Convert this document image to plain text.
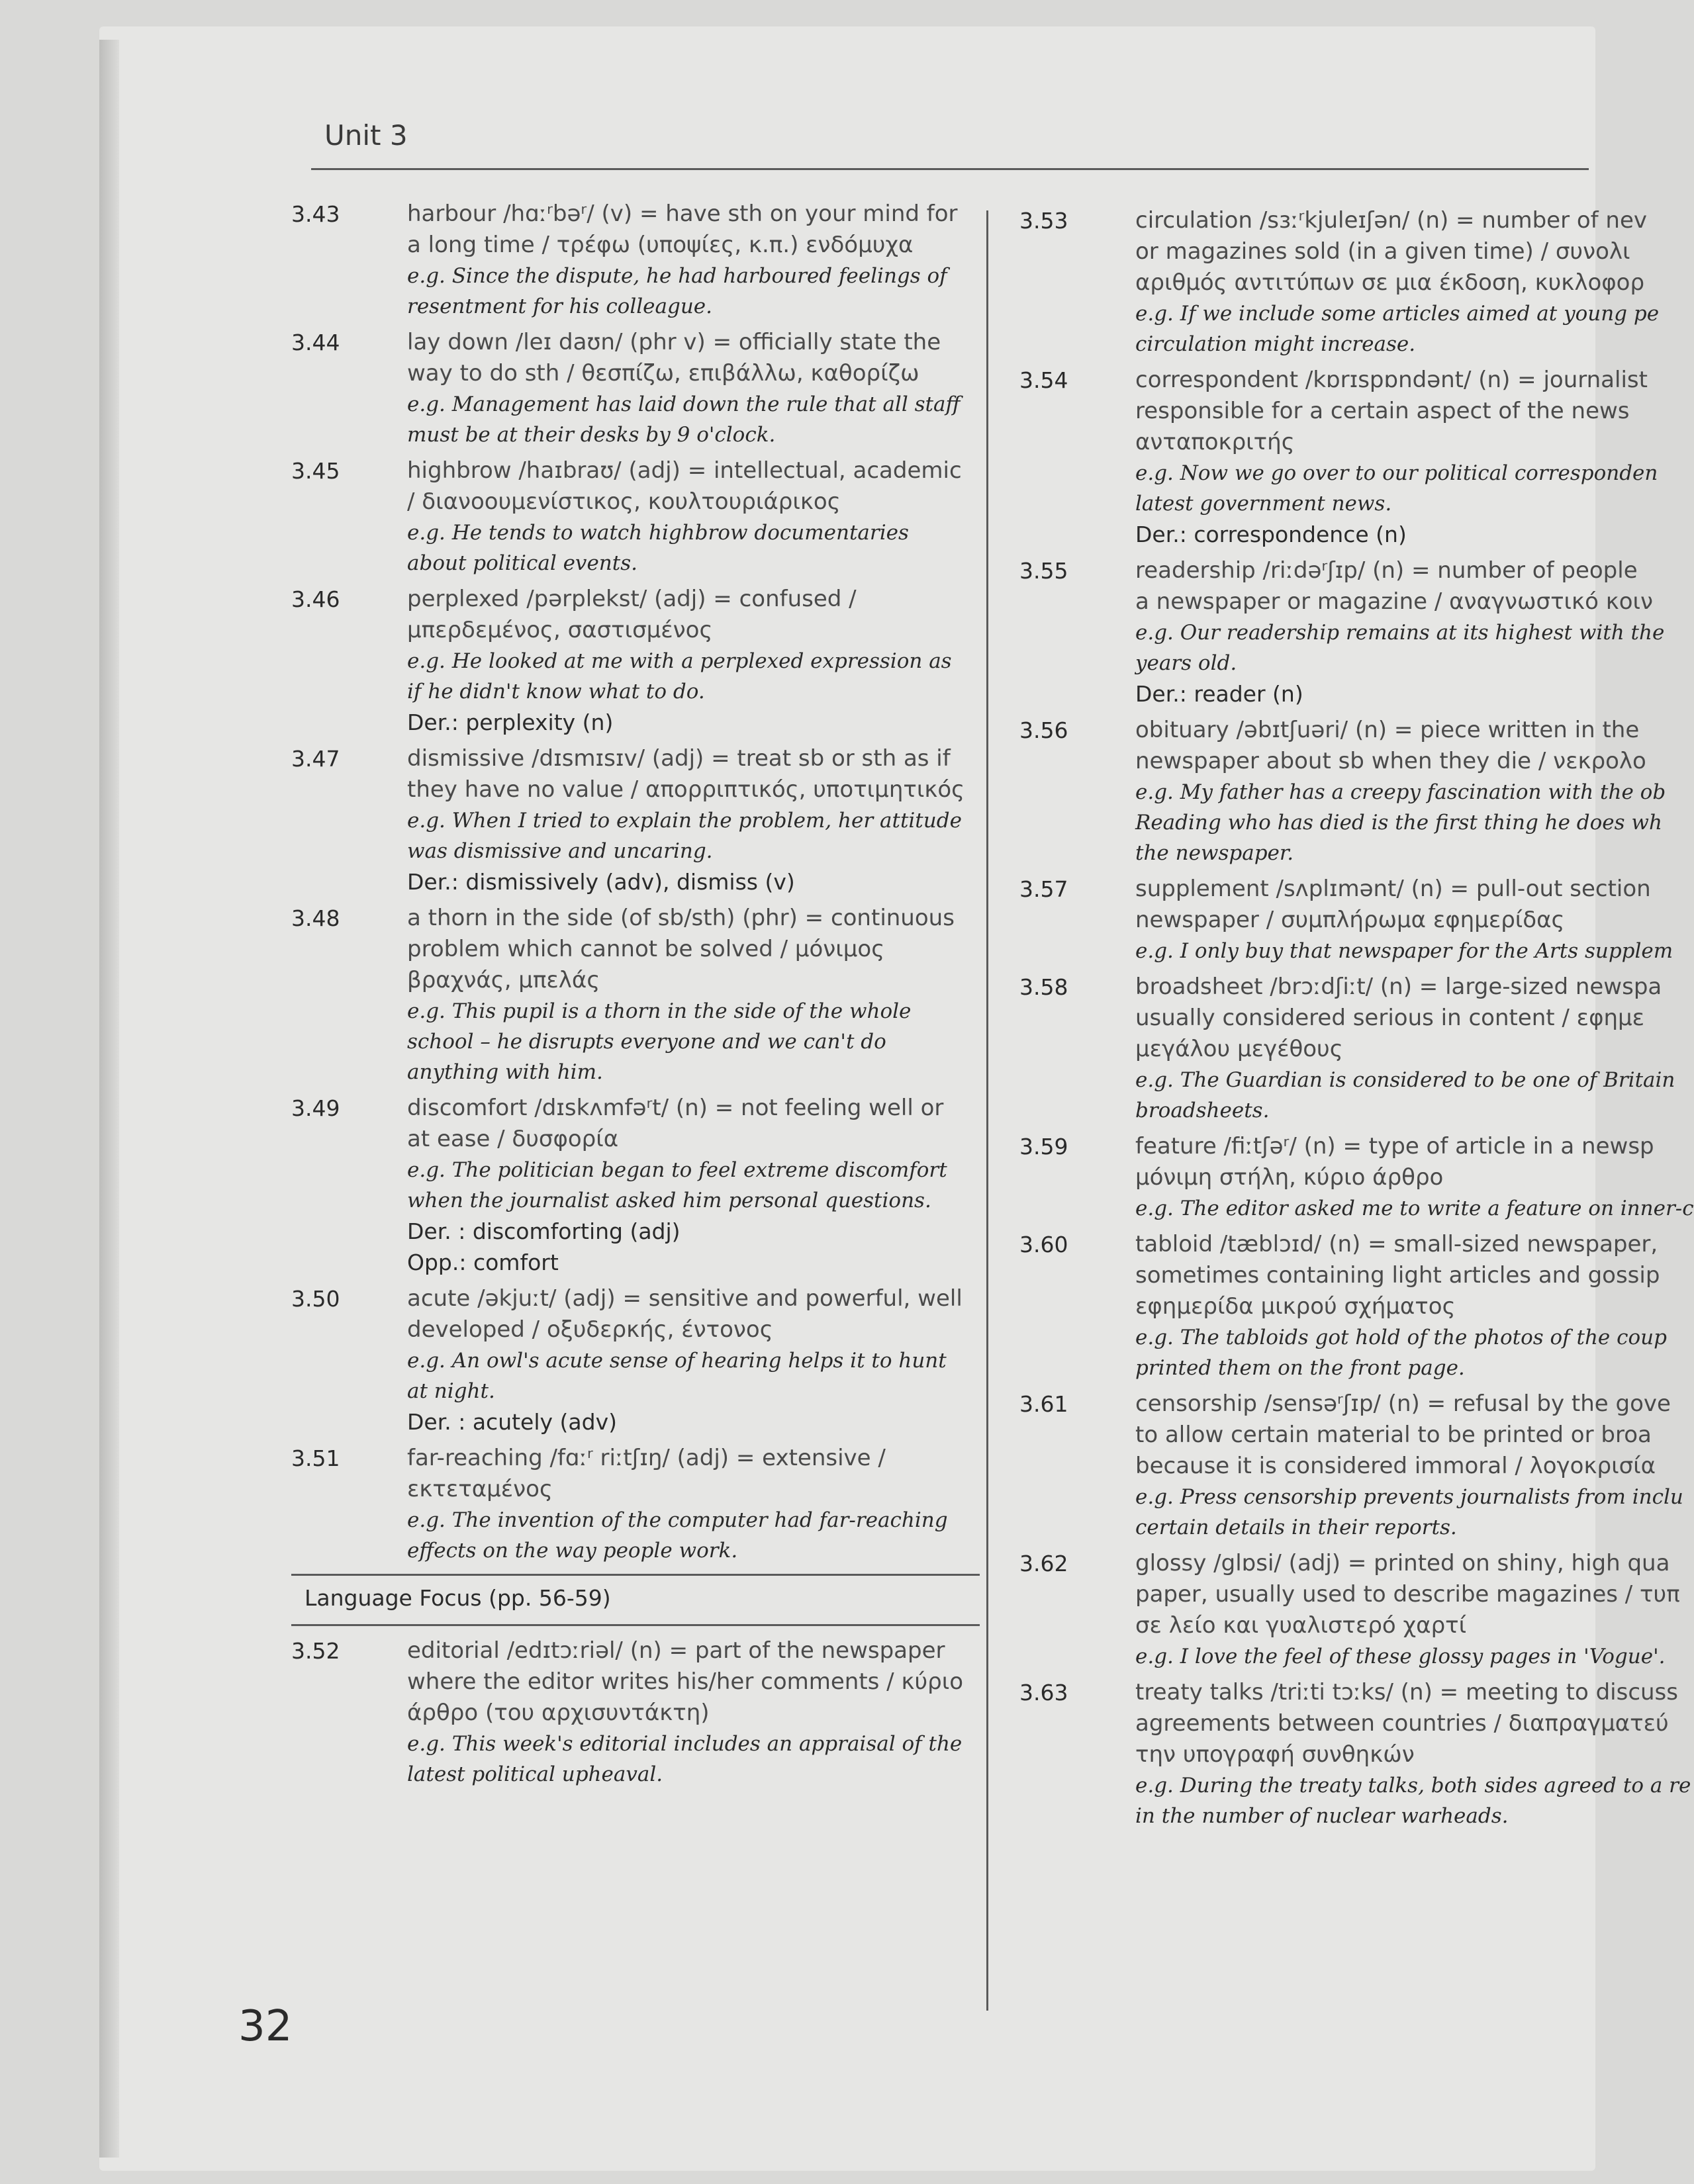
Unit 3
3.43	harbour /hɑːʳbəʳ/ (v) = have sth on your mind for a long time / τρέφω (υποψίες, κ.π.) ενδόμυχα
e.g. Since the dispute, he had harboured feelings of resentment for his colleague.
3.44	lay down /leɪ daʊn/ (phr v) = officially state the way to do sth / θεσπίζω, επιβάλλω, καθορίζω
e.g. Management has laid down the rule that all staff must be at their desks by 9 o'clock.
3.45	highbrow /haɪbraʊ/ (adj) = intellectual, academic / διανοουμενίστικος, κουλτουριάρικος
e.g. He tends to watch highbrow documentaries about political events.
3.46	perplexed /pərplekst/ (adj) = confused / μπερδεμένος, σαστισμένος
e.g. He looked at me with a perplexed expression as if he didn't know what to do.
Der.: perplexity (n)
3.47	dismissive /dɪsmɪsɪv/ (adj) = treat sb or sth as if they have no value / απορριπτικός, υποτιμητικός
e.g. When I tried to explain the problem, her attitude was dismissive and uncaring.
Der.: dismissively (adv), dismiss (v)
3.48	a thorn in the side (of sb/sth) (phr) = continuous problem which cannot be solved / μόνιμος βραχνάς, μπελάς
e.g. This pupil is a thorn in the side of the whole school – he disrupts everyone and we can't do anything with him.
3.49	discomfort /dɪskʌmfəʳt/ (n) = not feeling well or at ease / δυσφορία
e.g. The politician began to feel extreme discomfort when the journalist asked him personal questions.
Der. : discomforting (adj)
Opp.: comfort
3.50	acute /əkjuːt/ (adj) = sensitive and powerful, well developed / οξυδερκής, έντονος
e.g. An owl's acute sense of hearing helps it to hunt at night.
Der. : acutely (adv)
3.51	far-reaching /fɑːʳ riːtʃɪŋ/ (adj) = extensive / εκτεταμένος
e.g. The invention of the computer had far-reaching effects on the way people work.
Language Focus (pp. 56-59)
3.52	editorial /edɪtɔːriəl/ (n) = part of the newspaper where the editor writes his/her comments / κύριο άρθρο (του αρχισυντάκτη)
e.g. This week's editorial includes an appraisal of the latest political upheaval.
3.53	circulation /sɜːʳkjuleɪʃən/ (n) = number of nev
or magazines sold (in a given time) / συνολι
αριθμός αντιτύπων σε μια έκδοση, κυκλοφορ
e.g. If we include some articles aimed at young pe
circulation might increase.
3.54	correspondent /kɒrɪspɒndənt/ (n) = journalist
responsible for a certain aspect of the news
ανταποκριτής
e.g. Now we go over to our political corresponden
latest government news.
Der.: correspondence (n)
3.55	readership /riːdəʳʃɪp/ (n) = number of people
a newspaper or magazine / αναγνωστικό κοιν
e.g. Our readership remains at its highest with the
years old.
Der.: reader (n)
3.56	obituary /əbɪtʃuəri/ (n) = piece written in the
newspaper about sb when they die / νεκρολο
e.g. My father has a creepy fascination with the ob
Reading who has died is the first thing he does wh
the newspaper.
3.57	supplement /sʌplɪmənt/ (n) = pull-out section
newspaper / συμπλήρωμα εφημερίδας
e.g. I only buy that newspaper for the Arts supplem
3.58	broadsheet /brɔːdʃiːt/ (n) = large-sized newspa
usually considered serious in content / εφημε
μεγάλου μεγέθους
e.g. The Guardian is considered to be one of Britain
broadsheets.
3.59	feature /fiːtʃəʳ/ (n) = type of article in a newsp
μόνιμη στήλη, κύριο άρθρο
e.g. The editor asked me to write a feature on inner-c
3.60	tabloid /tæblɔɪd/ (n) = small-sized newspaper,
sometimes containing light articles and gossip
εφημερίδα μικρού σχήματος
e.g. The tabloids got hold of the photos of the coup
printed them on the front page.
3.61	censorship /sensəʳʃɪp/ (n) = refusal by the gove
to allow certain material to be printed or broa
because it is considered immoral / λογοκρισία
e.g. Press censorship prevents journalists from inclu
certain details in their reports.
3.62	glossy /glɒsi/ (adj) = printed on shiny, high qua
paper, usually used to describe magazines / τυπ
σε λείο και γυαλιστερό χαρτί
e.g. I love the feel of these glossy pages in 'Vogue'.
3.63	treaty talks /triːti tɔːks/ (n) = meeting to discuss
agreements between countries / διαπραγματεύ
την υπογραφή συνθηκών
e.g. During the treaty talks, both sides agreed to a re
in the number of nuclear warheads.
32
